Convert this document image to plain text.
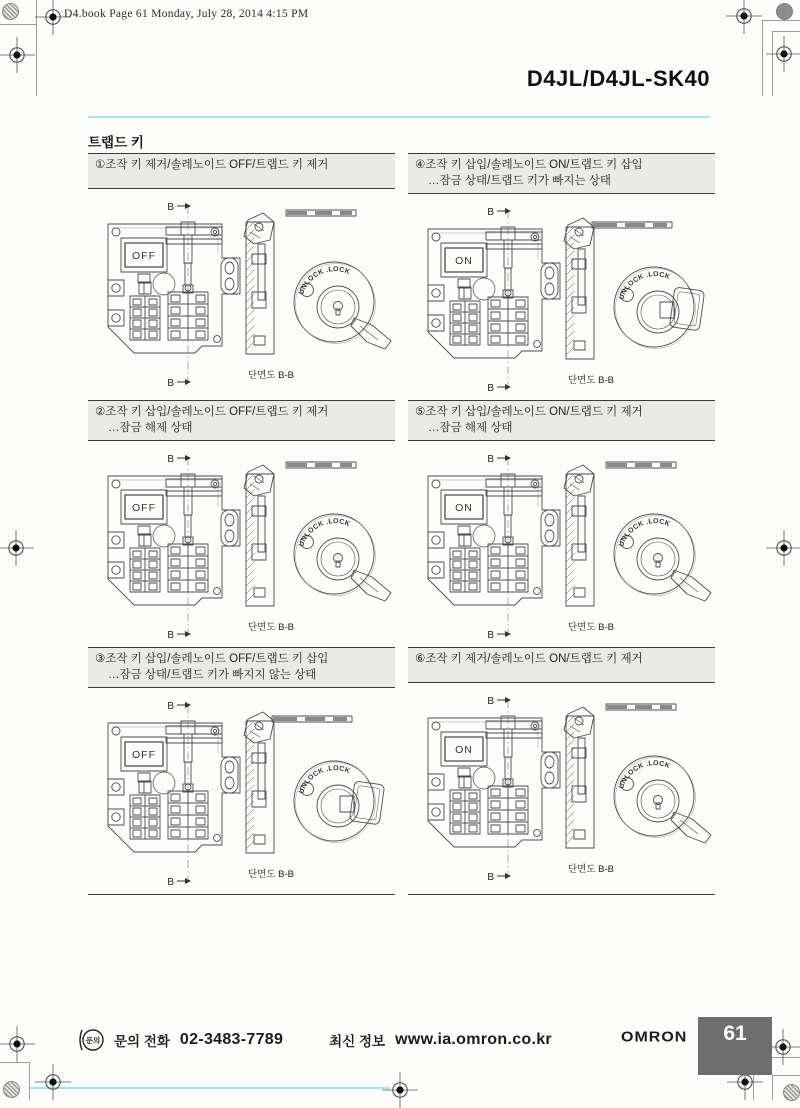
D4.book Page 61 Monday, July 28, 2014 4:15 PM
D4JL/D4JL-SK40
트랩드 키
①조작 키 제거/솔레노이드 OFF/트랩드 키 제거
UNLOCK .LOCK
B
B
단면도 B-B
OFF
②조작 키 삽입/솔레노이드 OFF/트랩드 키 제거
…잠금 해제 상태
UNLOCK .LOCK
B
B
단면도 B-B
OFF
③조작 키 삽입/솔레노이드 OFF/트랩드 키 삽입
…잠금 상태/트랩드 키가 빠지지 않는 상태
UNLOCK .LOCK
B
B
단면도 B-B
OFF
④조작 키 삽입/솔레노이드 ON/트랩드 키 삽입
…잠금 상태/트랩드 키가 빠지는 상태
UNLOCK .LOCK
B
B
단면도 B-B
ON
⑤조작 키 삽입/솔레노이드 ON/트랩드 키 제거
…잠금 해제 상태
UNLOCK .LOCK
B
B
단면도 B-B
ON
⑥조작 키 제거/솔레노이드 ON/트랩드 키 제거
UNLOCK .LOCK
B
B
단면도 B-B
ON
문의 문의 전화 02-3483-7789	최신 정보 www.ia.omron.co.kr	OMRON	61
